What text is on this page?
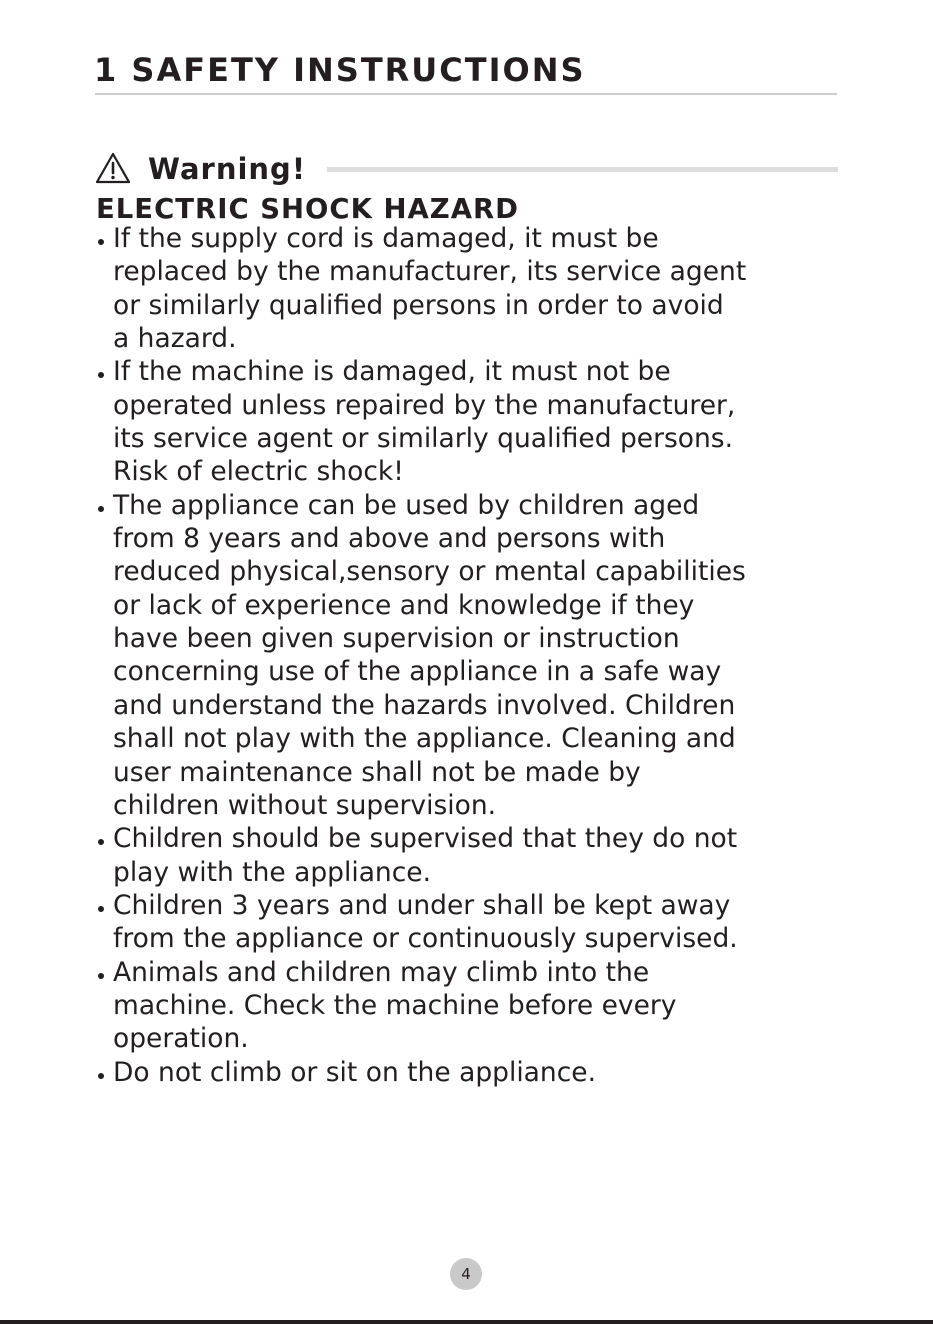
1 SAFETY INSTRUCTIONS
Warning!
ELECTRIC SHOCK HAZARD
If the supply cord is damaged, it must be
replaced by the manufacturer, its service agent
or similarly qualified persons in order to avoid
a hazard.
If the machine is damaged, it must not be
operated unless repaired by the manufacturer,
its service agent or similarly qualified persons.
Risk of electric shock!
The appliance can be used by children aged
from 8 years and above and persons with
reduced physical,sensory or mental capabilities
or lack of experience and knowledge if they
have been given supervision or instruction
concerning use of the appliance in a safe way
and understand the hazards involved. Children
shall not play with the appliance. Cleaning and
user maintenance shall not be made by
children without supervision.
Children should be supervised that they do not
play with the appliance.
Children 3 years and under shall be kept away
from the appliance or continuously supervised.
Animals and children may climb into the
machine. Check the machine before every
operation.
Do not climb or sit on the appliance.
4
